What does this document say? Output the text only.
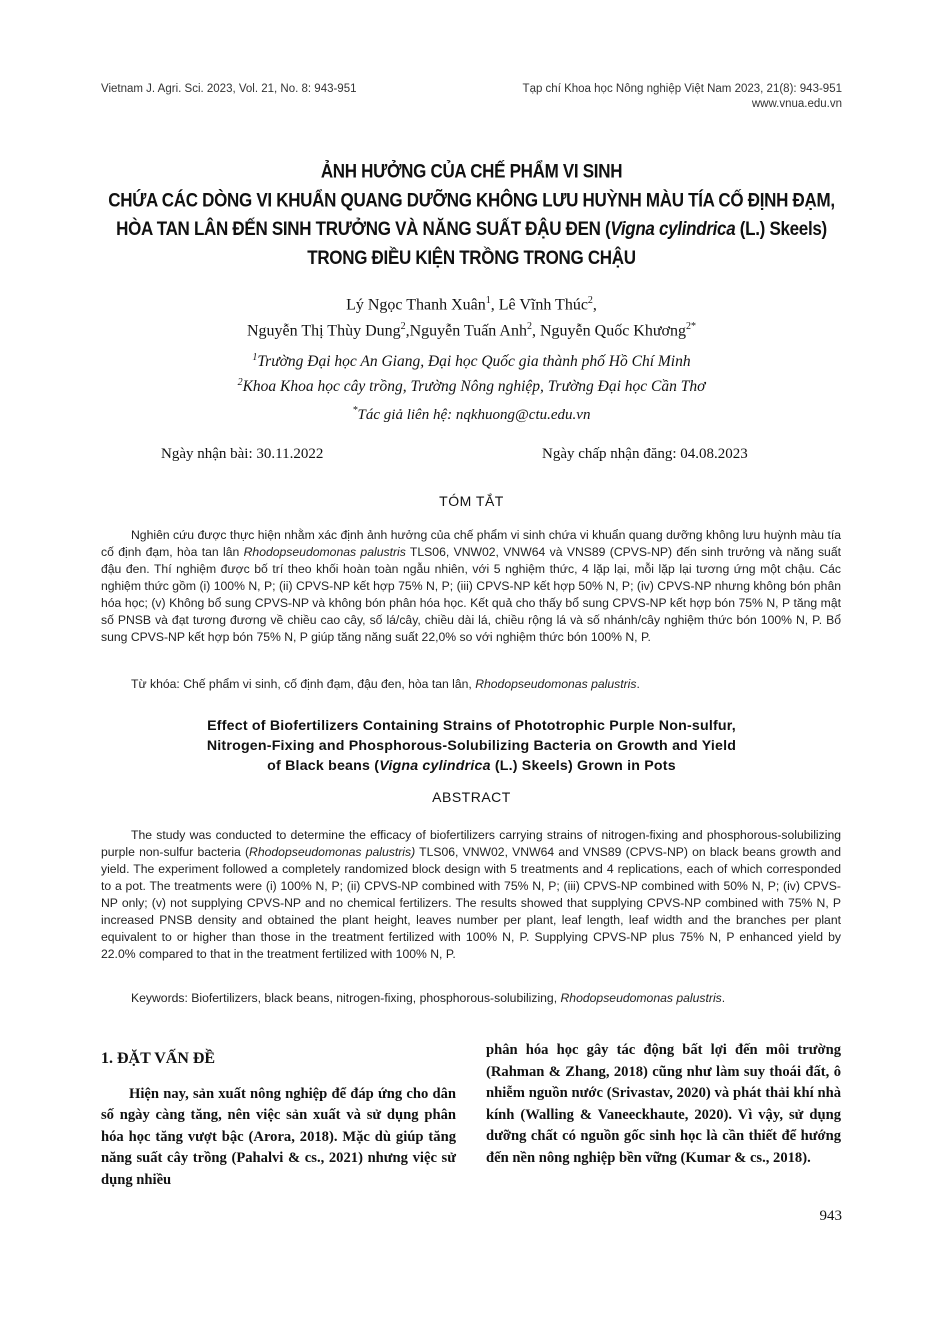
Vietnam J. Agri. Sci. 2023, Vol. 21, No. 8: 943-951	Tạp chí Khoa học Nông nghiệp Việt Nam 2023, 21(8): 943-951
www.vnua.edu.vn
ẢNH HƯỞNG CỦA CHẾ PHẨM VI SINH
CHỨA CÁC DÒNG VI KHUẨN QUANG DƯỠNG KHÔNG LƯU HUỲNH MÀU TÍA CỐ ĐỊNH ĐẠM,
HÒA TAN LÂN ĐẾN SINH TRƯỞNG VÀ NĂNG SUẤT ĐẬU ĐEN (Vigna cylindrica (L.) Skeels)
TRONG ĐIỀU KIỆN TRỒNG TRONG CHẬU
Lý Ngọc Thanh Xuân$^1$, Lê Vĩnh Thúc$^2$,
Nguyễn Thị Thùy Dung$^2$,Nguyễn Tuấn Anh$^2$, Nguyễn Quốc Khương$^{2*}$
$^1$Trường Đại học An Giang, Đại học Quốc gia thành phố Hồ Chí Minh
$^2$Khoa Khoa học cây trồng, Trường Nông nghiệp, Trường Đại học Cần Thơ
*Tác giả liên hệ: nqkhuong@ctu.edu.vn
Ngày nhận bài: 30.11.2022	Ngày chấp nhận đăng: 04.08.2023
TÓM TẮT

Nghiên cứu được thực hiện nhằm xác định ảnh hưởng của chế phẩm vi sinh chứa vi khuẩn quang dưỡng không lưu huỳnh màu tía cố định đạm, hòa tan lân Rhodopseudomonas palustris TLS06, VNW02, VNW64 và VNS89 (CPVS-NP) đến sinh trưởng và năng suất đậu đen. Thí nghiệm được bố trí theo khối hoàn toàn ngẫu nhiên, với 5 nghiệm thức, 4 lặp lại, mỗi lặp lại tương ứng một chậu. Các nghiệm thức gồm (i) 100% N, P; (ii) CPVS-NP kết hợp 75% N, P; (iii) CPVS-NP kết hợp 50% N, P; (iv) CPVS-NP nhưng không bón phân hóa học; (v) Không bổ sung CPVS-NP và không bón phân hóa học. Kết quả cho thấy bổ sung CPVS-NP kết hợp bón 75% N, P tăng mật số PNSB và đạt tương đương về chiều cao cây, số lá/cây, chiều dài lá, chiều rộng lá và số nhánh/cây nghiệm thức bón 100% N, P. Bổ sung CPVS-NP kết hợp bón 75% N, P giúp tăng năng suất 22,0% so với nghiệm thức bón 100% N, P.

Từ khóa: Chế phẩm vi sinh, cố định đạm, đậu đen, hòa tan lân, Rhodopseudomonas palustris.
Effect of Biofertilizers Containing Strains of Phototrophic Purple Non-sulfur,
Nitrogen-Fixing and Phosphorous-Solubilizing Bacteria on Growth and Yield
of Black beans (Vigna cylindrica (L.) Skeels) Grown in Pots
ABSTRACT

The study was conducted to determine the efficacy of biofertilizers carrying strains of nitrogen-fixing and phosphorous-solubilizing purple non-sulfur bacteria (Rhodopseudomonas palustris) TLS06, VNW02, VNW64 and VNS89 (CPVS-NP) on black beans growth and yield. The experiment followed a completely randomized block design with 5 treatments and 4 replications, each of which corresponded to a pot. The treatments were (i) 100% N, P; (ii) CPVS-NP combined with 75% N, P; (iii) CPVS-NP combined with 50% N, P; (iv) CPVS-NP only; (v) not supplying CPVS-NP and no chemical fertilizers. The results showed that supplying CPVS-NP combined with 75% N, P increased PNSB density and obtained the plant height, leaves number per plant, leaf length, leaf width and the branches per plant equivalent to or higher than those in the treatment fertilized with 100% N, P. Supplying CPVS-NP plus 75% N, P enhanced yield by 22.0% compared to that in the treatment fertilized with 100% N, P.

Keywords: Biofertilizers, black beans, nitrogen-fixing, phosphorous-solubilizing, Rhodopseudomonas palustris.
1. ĐẶT VẤN ĐỀ

Hiện nay, sản xuất nông nghiệp để đáp ứng cho dân số ngày càng tăng, nên việc sản xuất và sử dụng phân hóa học tăng vượt bậc (Arora, 2018). Mặc dù giúp tăng năng suất cây trồng (Pahalvi & cs., 2021) nhưng việc sử dụng nhiều

phân hóa học gây tác động bất lợi đến môi trường (Rahman & Zhang, 2018) cũng như làm suy thoái đất, ô nhiễm nguồn nước (Srivastav, 2020) và phát thải khí nhà kính (Walling & Vaneeckhaute, 2020). Vì vậy, sử dụng dưỡng chất có nguồn gốc sinh học là cần thiết để hướng đến nền nông nghiệp bền vững (Kumar & cs., 2018).

943
